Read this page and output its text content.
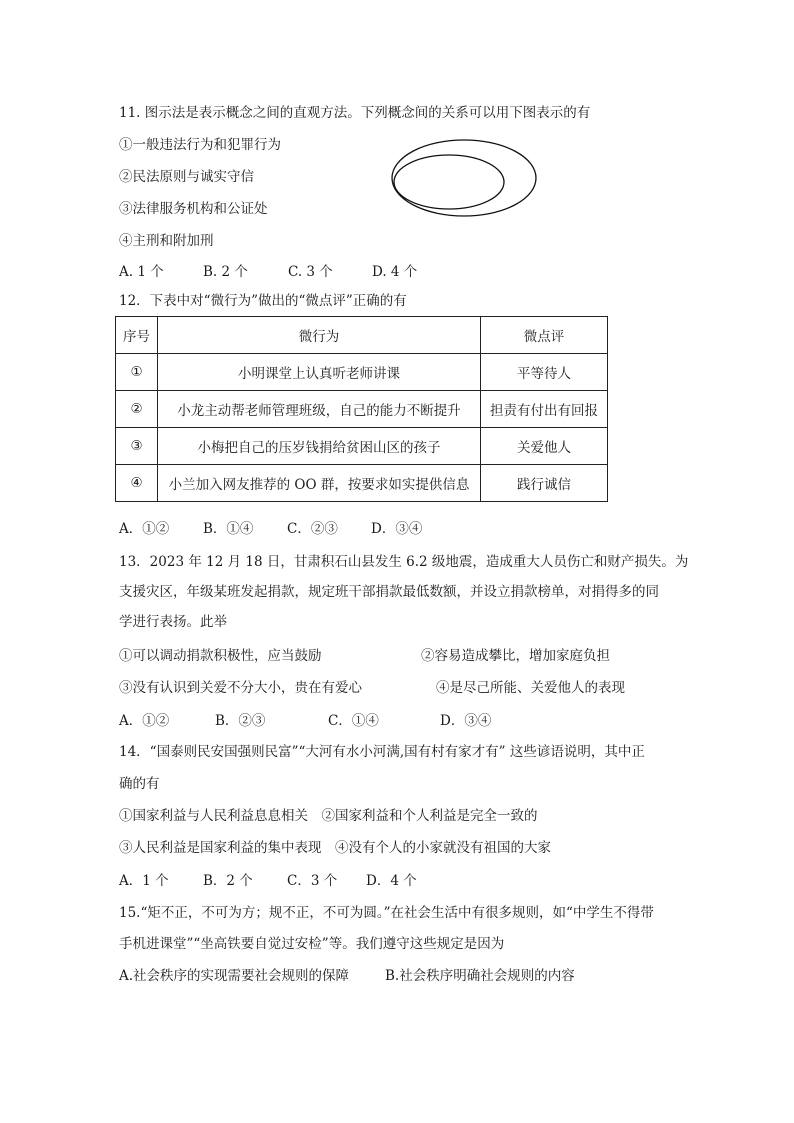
11. 图示法是表示概念之间的直观方法。下列概念间的关系可以用下图表示的有
①一般违法行为和犯罪行为
②民法原则与诚实守信
③法律服务机构和公证处
④主刑和附加刑
A. 1 个	B. 2 个	C. 3 个	D. 4 个
12．下表中对“微行为”做出的“微点评”正确的有
序号	微行为	微点评
①	小明课堂上认真听老师讲课	平等待人
②	小龙主动帮老师管理班级，自己的能力不断提升	担责有付出有回报
③	小梅把自己的压岁钱捐给贫困山区的孩子	关爱他人
④	小兰加入网友推荐的 OO 群，按要求如实提供信息	践行诚信
A．①②	B．①④ C．②③ D．③④
13．2023 年 12 月 18 日，甘肃积石山县发生 6.2 级地震，造成重大人员伤亡和财产损失。为
支援灾区，年级某班发起捐款，规定班干部捐款最低数额，并设立捐款榜单，对捐得多的同
学进行表扬。此举
①可以调动捐款积极性，应当鼓励	②容易造成攀比，增加家庭负担
③没有认识到关爱不分大小，贵在有爱心	④是尽己所能、关爱他人的表现
A．①②	B．②③	C．①④	D．③④
14．“国泰则民安国强则民富”“大河有水小河满,国有村有家才有” 这些谚语说明，其中正
确的有
①国家利益与人民利益息息相关　②国家利益和个人利益是完全一致的
③人民利益是国家利益的集中表现　④没有个人的小家就没有祖国的大家
A．1 个	B．2 个	C．3 个 D．4 个
15.“矩不正，不可为方；规不正，不可为圆。”在社会生活中有很多规则，如“中学生不得带
手机进课堂”“坐高铁要自觉过安检”等。我们遵守这些规定是因为
A.社会秩序的实现需要社会规则的保障	B.社会秩序明确社会规则的内容
